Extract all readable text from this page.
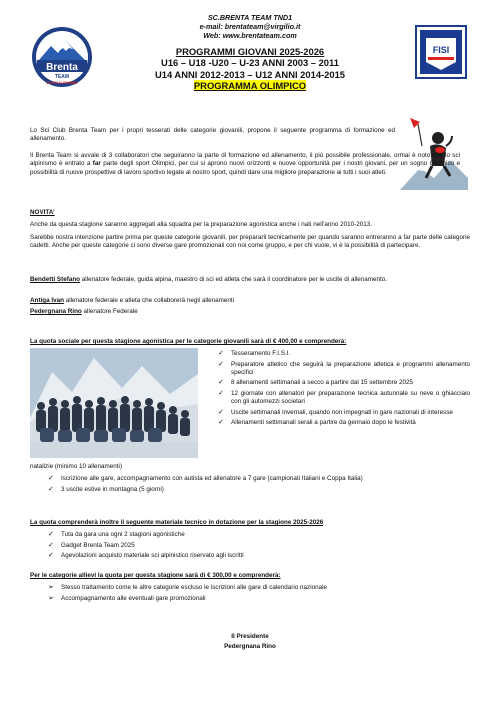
SC.BRENTA TEAM TND1
e-mail: brentateam@virgilio.it
Web: www.brentateam.com
Brenta
TEAM
LO SCI ALPINISMO
FISI
PROGRAMMI GIOVANI 2025-2026
U16 – U18 -U20 – U-23 ANNI 2003 – 2011
U14 ANNI 2012-2013 – U12 ANNI 2014-2015
PROGRAMMA OLIMPICO
Lo Sci Club Brenta Team per i propri tesserati delle categorie giovanili, propone il seguente programma di formazione ed allenamento.
Il Brenta Team si avvale di 3 collaboratori che seguiranno la parte di formazione ed allenamento, il più possibile professionale, ormai è noto che lo sci alpinismo è entrato a far parte degli sport Olimpici, per cui si aprono nuovi orizzonti e nuove opportunità per i nostri giovani, per un sogno Olimpico e possibilità di nuove prospettive di lavoro sportivo legate al nostro sport, quindi dare una migliore preparazione ai tutti i suoi atleti.
NOVITA’
Anche da questa stagione saranno aggregati alla squadra per la preparazione agonistica anche i nati nell’anno 2010-2013.
Sarebbe nostra intenzione partire prima per queste categorie giovanili, per prepararli tecnicamente per quando saranno entreranno a far parte delle categorie cadetti. Anche per queste categorie ci sono diverse gare promozionali con noi come gruppo, e per chi vuole, vi è la possibilità di partecipare.
Bendetti Stefano allenatore federale, guida alpina, maestro di sci ed atleta che sarà il coordinatore per le uscite di allenamento.
Antiga Ivan allenatore federale e atleta che collaborerà negli allenamenti
Pedergnana Rino allenatore Federale
La quota sociale per questa stagione agonistica per le categorie giovanili sarà di € 400,00 e comprenderà:
✓ Tesseramento F.I.S.I.
✓ Preparatore atletico che seguirà la preparazione atletica e programmi allenamento specifici
✓ 8 allenamenti settimanali a secco a partire dal 15 settembre 2025
✓ 12 giornate con allenatori per preparazione tecnica autunnale su neve o ghiacciaio con gli automezzi societari
✓ Uscite settimanali invernali, quando non impegnati in gare nazionali di interesse
✓ Allenamenti settimanali serali a partire da gennaio dopo le festività
natalizie (minimo 10 allenamenti)
✓ Iscrizione alle gare, accompagnamento con autista ed allenatore a 7 gare (campionati Italiani e Coppa Italia)
✓ 3 uscite estive in montagna (5 giorni)
La quota comprenderà inoltre il seguente materiale tecnico in dotazione per la stagione 2025-2026
✓ Tuta da gara una ogni 2 stagioni agonistiche
✓ Gadget Brenta Team 2025
✓ Agevolazioni acquisto materiale sci alpinistico riservato agli iscritti
Per le categorie allievi la quota per questa stagione sarà di € 300,00 e comprenderà:
➢ Stesso trattamento come le altre categorie escluso le iscrizioni alle gare di calendario nazionale
➢ Accompagnamento alle eventuali gare promozionali
Il Presidente
Pedergnana Rino
